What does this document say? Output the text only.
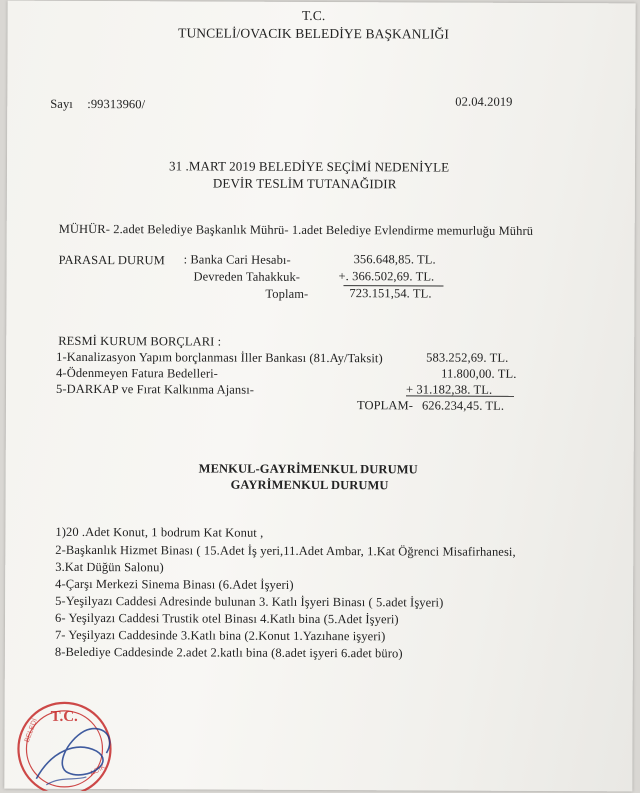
T.C.
TUNCELİ/OVACIK BELEDİYE BAŞKANLIĞI
Sayı :99313960/	02.04.2019
31 .MART 2019 BELEDİYE SEÇİMİ NEDENİYLE
DEVİR TESLİM TUTANAĞIDIR
MÜHÜR- 2.adet Belediye Başkanlık Mührü- 1.adet Belediye Evlendirme memurluğu Mührü
PARASAL DURUM : Banka Cari Hesabı-	356.648,85. TL.
Devreden Tahakkuk-	+. 366.502,69. TL.
Toplam-	723.151,54. TL.
RESMİ KURUM BORÇLARI :
1-Kanalizasyon Yapım borçlanması İller Bankası (81.Ay/Taksit)	583.252,69. TL.
4-Ödenmeyen Fatura Bedelleri-	11.800,00. TL.
5-DARKAP ve Fırat Kalkınma Ajansı-	+ 31.182,38. TL.
TOPLAM- 626.234,45. TL.
MENKUL-GAYRİMENKUL DURUMU
GAYRİMENKUL DURUMU
1)20 .Adet Konut, 1 bodrum Kat Konut ,
2-Başkanlık Hizmet Binası ( 15.Adet İş yeri,11.Adet Ambar, 1.Kat Öğrenci Misafirhanesi,
3.Kat Düğün Salonu)
4-Çarşı Merkezi Sinema Binası (6.Adet İşyeri)
5-Yeşilyazı Caddesi Adresinde bulunan 3. Katlı İşyeri Binası ( 5.adet İşyeri)
6- Yeşilyazı Caddesi Trustik otel Binası 4.Katlı bina (5.Adet İşyeri)
7- Yeşilyazı Caddesinde 3.Katlı bina (2.Konut 1.Yazıhane işyeri)
8-Belediye Caddesinde 2.adet 2.katlı bina (8.adet işyeri 6.adet büro)
T.C.
BELEDİ
ACIK
